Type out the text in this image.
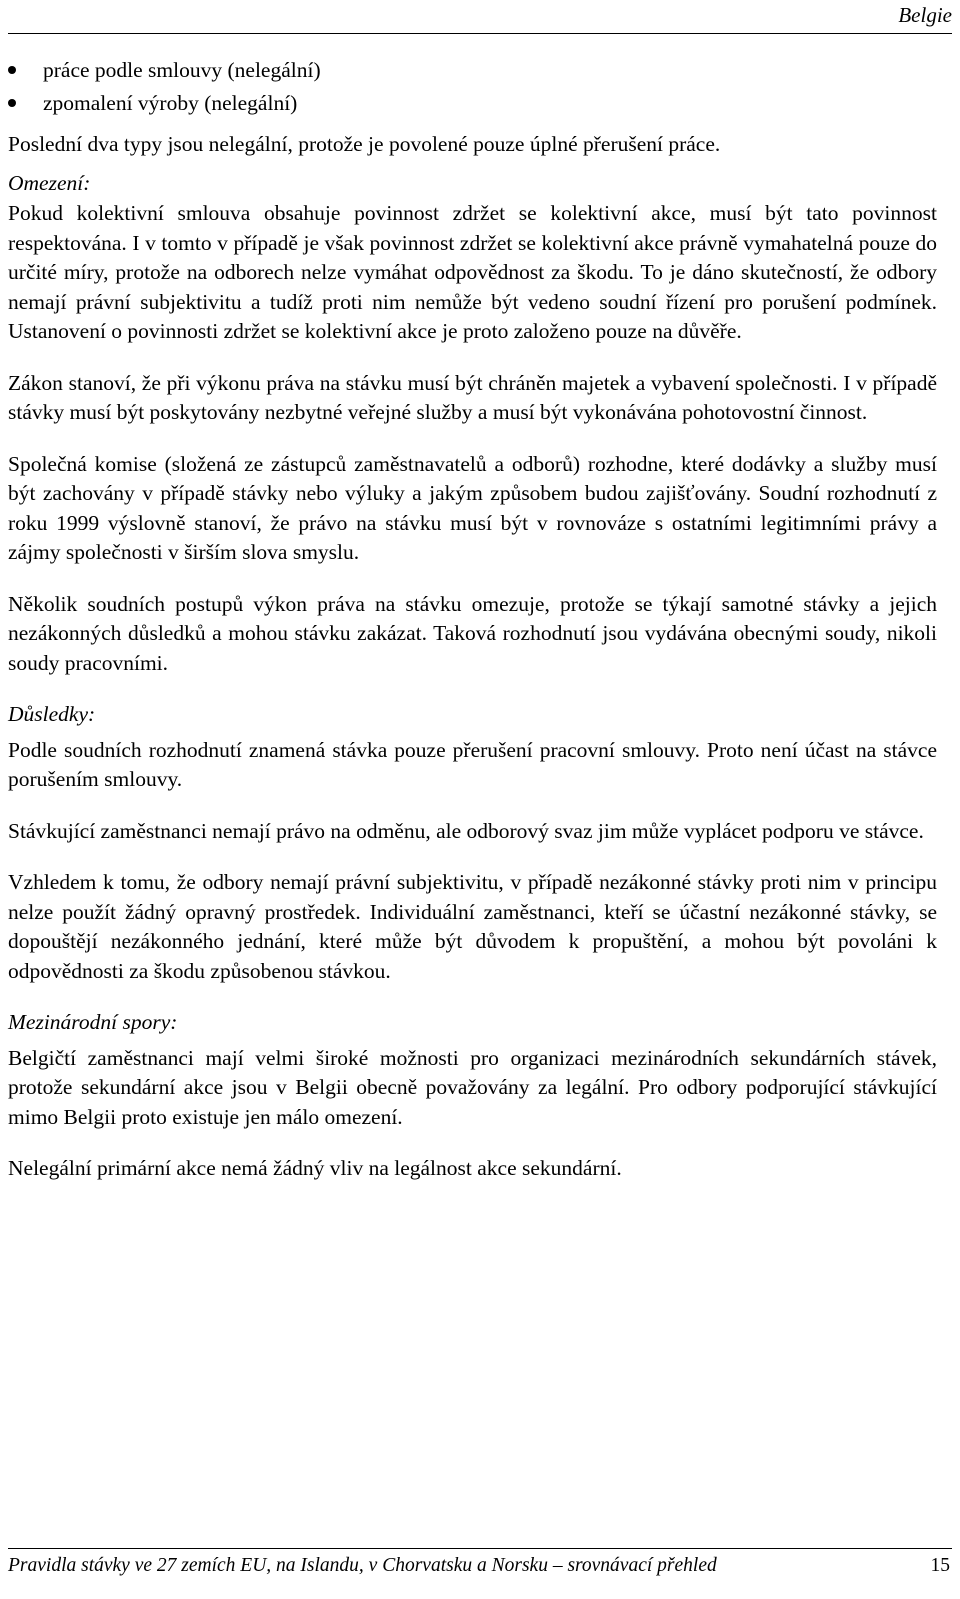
Belgie
práce podle smlouvy (nelegální)
zpomalení výroby (nelegální)

Poslední dva typy jsou nelegální, protože je povolené pouze úplné přerušení práce.

Omezení:

Pokud kolektivní smlouva obsahuje povinnost zdržet se kolektivní akce, musí být tato povinnost respektována. I v tomto v případě je však povinnost zdržet se kolektivní akce právně vymahatelná pouze do určité míry, protože na odborech nelze vymáhat odpovědnost za škodu. To je dáno skutečností, že odbory nemají právní subjektivitu a tudíž proti nim nemůže být vedeno soudní řízení pro porušení podmínek. Ustanovení o povinnosti zdržet se kolektivní akce je proto založeno pouze na důvěře.

Zákon stanoví, že při výkonu práva na stávku musí být chráněn majetek a vybavení společnosti. I v případě stávky musí být poskytovány nezbytné veřejné služby a musí být vykonávána pohotovostní činnost.

Společná komise (složená ze zástupců zaměstnavatelů a odborů) rozhodne, které dodávky a služby musí být zachovány v případě stávky nebo výluky a jakým způsobem budou zajišťovány. Soudní rozhodnutí z roku 1999 výslovně stanoví, že právo na stávku musí být v rovnováze s ostatními legitimními právy a zájmy společnosti v širším slova smyslu.

Několik soudních postupů výkon práva na stávku omezuje, protože se týkají samotné stávky a jejich nezákonných důsledků a mohou stávku zakázat. Taková rozhodnutí jsou vydávána obecnými soudy, nikoli soudy pracovními.

Důsledky:

Podle soudních rozhodnutí znamená stávka pouze přerušení pracovní smlouvy. Proto není účast na stávce porušením smlouvy.

Stávkující zaměstnanci nemají právo na odměnu, ale odborový svaz jim může vyplácet podporu ve stávce.

Vzhledem k tomu, že odbory nemají právní subjektivitu, v případě nezákonné stávky proti nim v principu nelze použít žádný opravný prostředek. Individuální zaměstnanci, kteří se účastní nezákonné stávky, se dopouštějí nezákonného jednání, které může být důvodem k propuštění, a mohou být povoláni k odpovědnosti za škodu způsobenou stávkou.

Mezinárodní spory:

Belgičtí zaměstnanci mají velmi široké možnosti pro organizaci mezinárodních sekundárních stávek, protože sekundární akce jsou v Belgii obecně považovány za legální. Pro odbory podporující stávkující mimo Belgii proto existuje jen málo omezení.

Nelegální primární akce nemá žádný vliv na legálnost akce sekundární.

Pravidla stávky ve 27 zemích EU, na Islandu, v Chorvatsku a Norsku – srovnávací přehled	15
